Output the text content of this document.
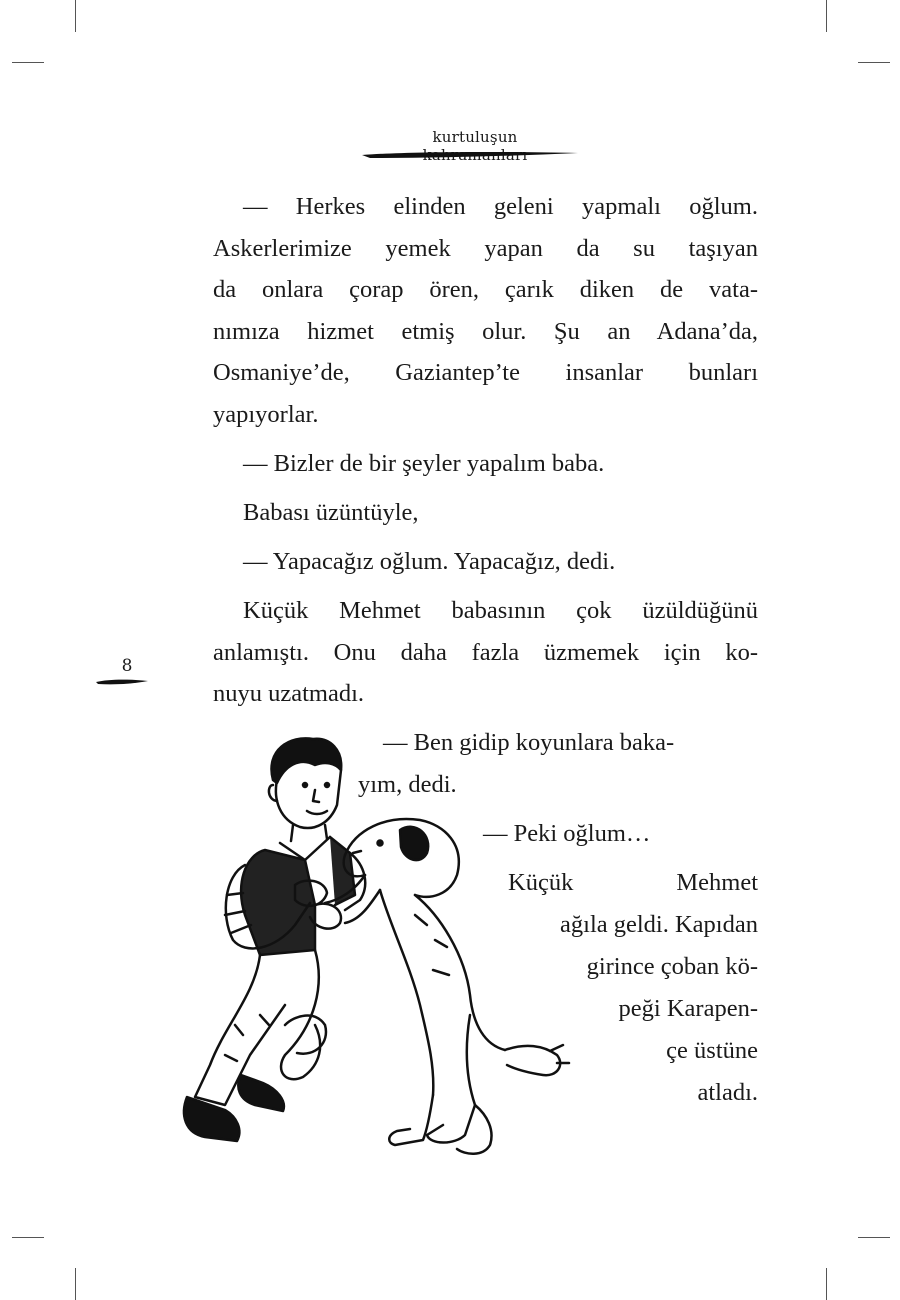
kurtuluşun
— Herkes elinden geleni yapmalı oğlum.
Askerlerimize yemek yapan da su taşıyan
da onlara çorap ören, çarık diken de vata-
nımıza hizmet etmiş olur. Şu an Adana’da,
Osmaniye’de, Gaziantep’te insanlar bunları
yapıyorlar.
— Bizler de bir şeyler yapalım baba.
Babası üzüntüyle,
— Yapacağız oğlum. Yapacağız, dedi.
Küçük Mehmet babasının çok üzüldüğünü
anlamıştı. Onu daha fazla üzmemek için ko-
nuyu uzatmadı.
8
— Ben gidip koyunlara baka-
yım, dedi.
— Peki oğlum…
Küçük Mehmet
ağıla geldi. Kapıdan
girince çoban kö-
peği Karapen-
çe üstüne
atladı.
